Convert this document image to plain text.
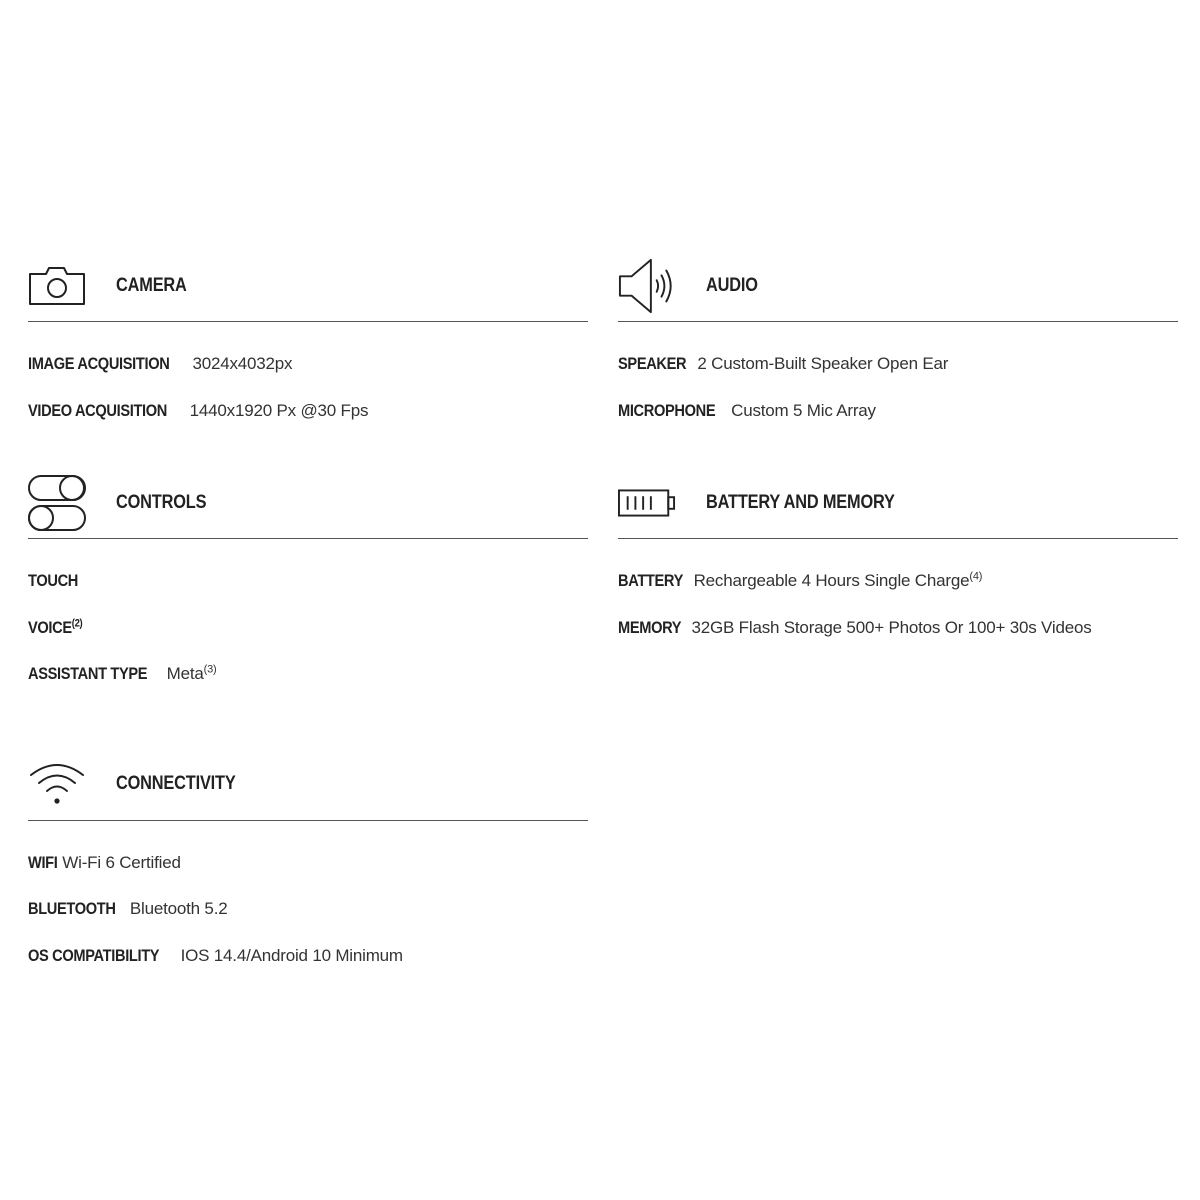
CAMERA
IMAGE ACQUISITION 3024x4032px
VIDEO ACQUISITION 1440x1920 Px @30 Fps
CONTROLS
TOUCH
VOICE$^{(2)}$
ASSISTANT TYPE Meta$^{(3)}$
CONNECTIVITY
WIFI Wi-Fi 6 Certified
BLUETOOTH Bluetooth 5.2
OS COMPATIBILITY IOS 14.4/Android 10 Minimum
AUDIO
SPEAKER 2 Custom-Built Speaker Open Ear
MICROPHONE Custom 5 Mic Array
BATTERY AND MEMORY
BATTERY Rechargeable 4 Hours Single Charge$^{(4)}$
MEMORY 32GB Flash Storage 500+ Photos Or 100+ 30s Videos
